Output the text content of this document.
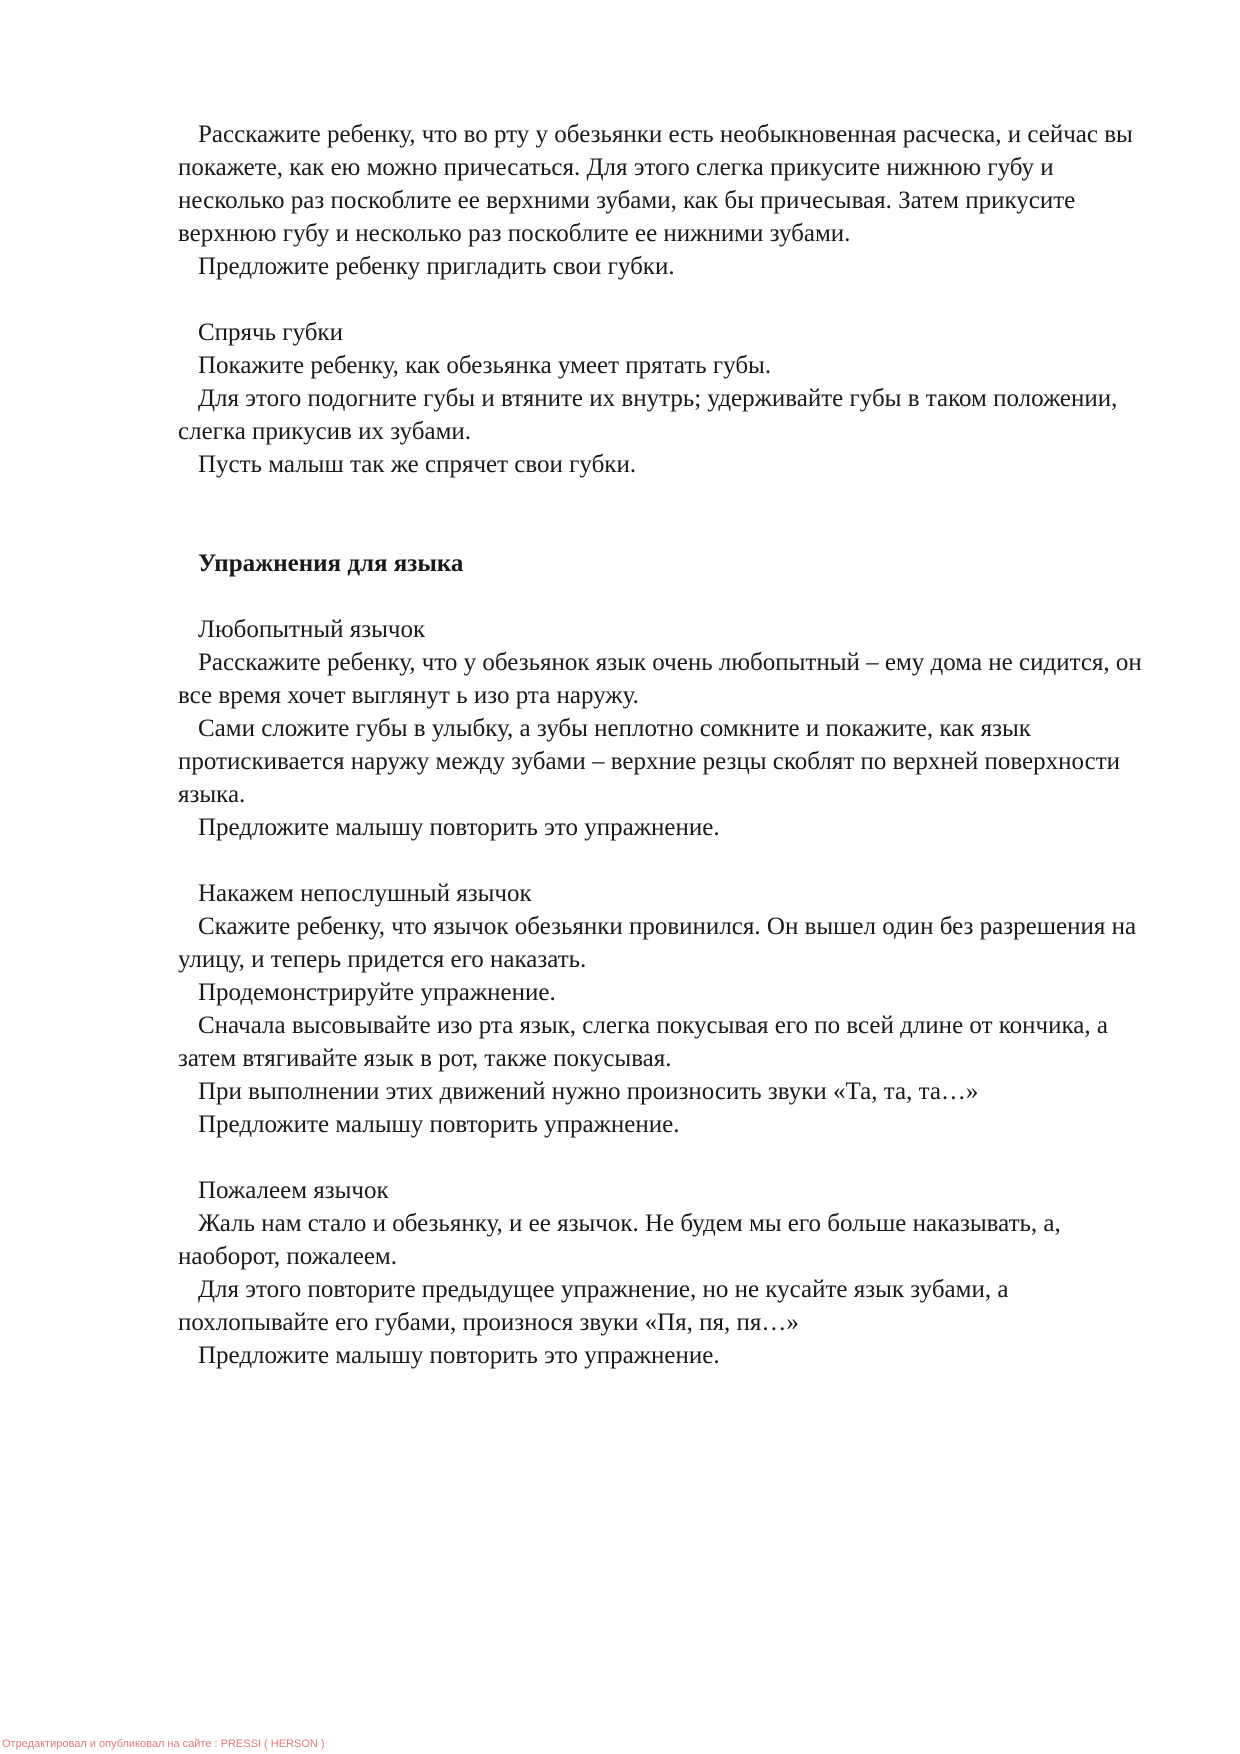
Расскажите ребенку, что во рту у обезьянки есть необыкновенная расческа, и сейчас вы покажете, как ею можно причесаться. Для этого слегка прикусите нижнюю губу и несколько раз поскоблите ее верхними зубами, как бы причесывая. Затем прикусите верхнюю губу и несколько раз поскоблите ее нижними зубами.

Предложите ребенку пригладить свои губки.

Спрячь губки

Покажите ребенку, как обезьянка умеет прятать губы.

Для этого подогните губы и втяните их внутрь; удерживайте губы в таком положении, слегка прикусив их зубами.

Пусть малыш так же спрячет свои губки.

Упражнения для языка

Любопытный язычок

Расскажите ребенку, что у обезьянок язык очень любопытный – ему дома не сидится, он все время хочет выглянут ь изо рта наружу.

Сами сложите губы в улыбку, а зубы неплотно сомкните и покажите, как язык протискивается наружу между зубами – верхние резцы скоблят по верхней поверхности языка.

Предложите малышу повторить это упражнение.

Накажем непослушный язычок

Скажите ребенку, что язычок обезьянки провинился. Он вышел один без разрешения на улицу, и теперь придется его наказать.

Продемонстрируйте упражнение.

Сначала высовывайте изо рта язык, слегка покусывая его по всей длине от кончика, а затем втягивайте язык в рот, также покусывая.

При выполнении этих движений нужно произносить звуки «Та, та, та…»

Предложите малышу повторить упражнение.

Пожалеем язычок

Жаль нам стало и обезьянку, и ее язычок. Не будем мы его больше наказывать, а, наоборот, пожалеем.

Для этого повторите предыдущее упражнение, но не кусайте язык зубами, а похлопывайте его губами, произнося звуки «Пя, пя, пя…»

Предложите малышу повторить это упражнение.

Отредактировал и опубликовал на сайте : PRESSI ( HERSON )
